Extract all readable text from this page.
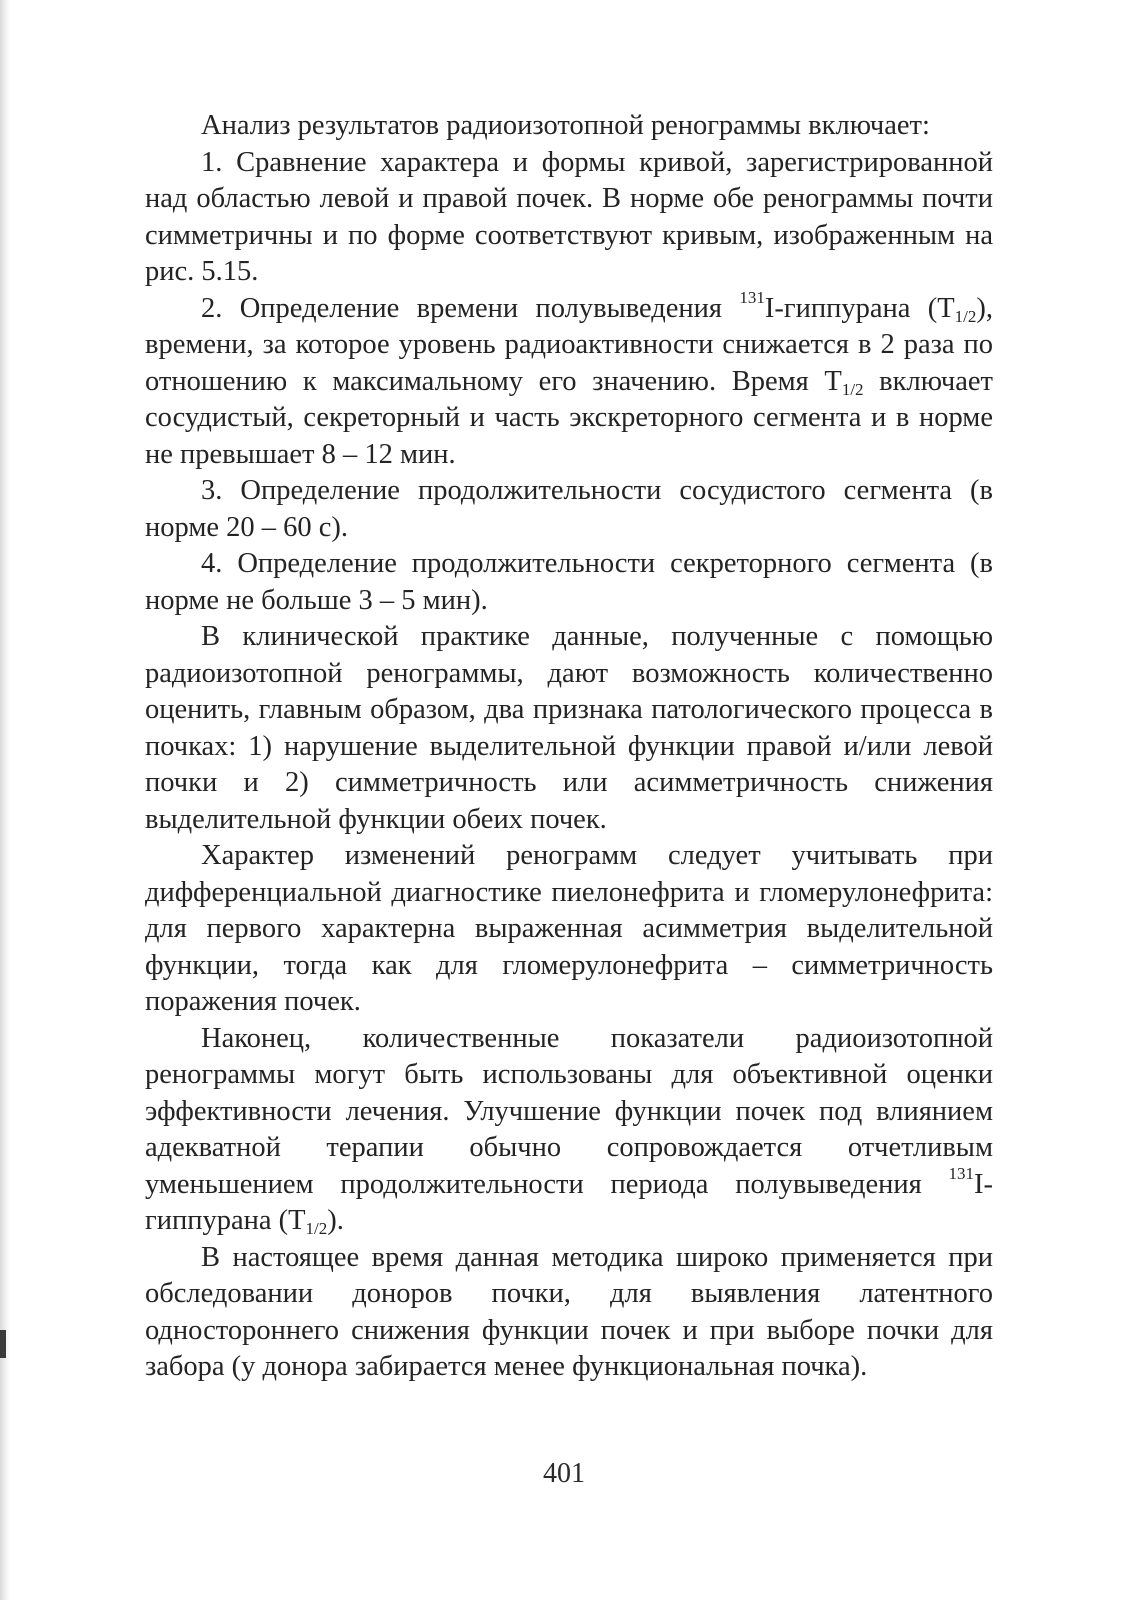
Анализ результатов радиоизотопной ренограммы включает:

1. Сравнение характера и формы кривой, зарегистрированной над областью левой и правой почек. В норме обе ренограммы почти симметричны и по форме соответствуют кривым, изображенным на рис. 5.15.

2. Определение времени полувыведения $^{131}$I-гиппурана $(T_{1/2})$, времени, за которое уровень радиоактивности снижается в 2 раза по отношению к максимальному его значению. Время $T_{1/2}$ включает сосудистый, секреторный и часть экскреторного сегмента и в норме не превышает 8 – 12 мин.

3. Определение продолжительности сосудистого сегмента (в норме 20 – 60 с).

4. Определение продолжительности секреторного сегмента (в норме не больше 3 – 5 мин).

В клинической практике данные, полученные с помощью радиоизотопной ренограммы, дают возможность количественно оценить, главным образом, два признака патологического процесса в почках: 1) нарушение выделительной функции правой и/или левой почки и 2) симметричность или асимметричность снижения выделительной функции обеих почек.

Характер изменений ренограмм следует учитывать при дифференциальной диагностике пиелонефрита и гломерулонефрита: для первого характерна выраженная асимметрия выделительной функции, тогда как для гломерулонефрита – симметричность поражения почек.

Наконец, количественные показатели радиоизотопной ренограммы могут быть использованы для объективной оценки эффективности лечения. Улучшение функции почек под влиянием адекватной терапии обычно сопровождается отчетливым уменьшением продолжительности периода полувыведения $^{131}$I-гиппурана $(T_{1/2})$.

В настоящее время данная методика широко применяется при обследовании доноров почки, для выявления латентного одностороннего снижения функции почек и при выборе почки для забора (у донора забирается менее функциональная почка).

401
